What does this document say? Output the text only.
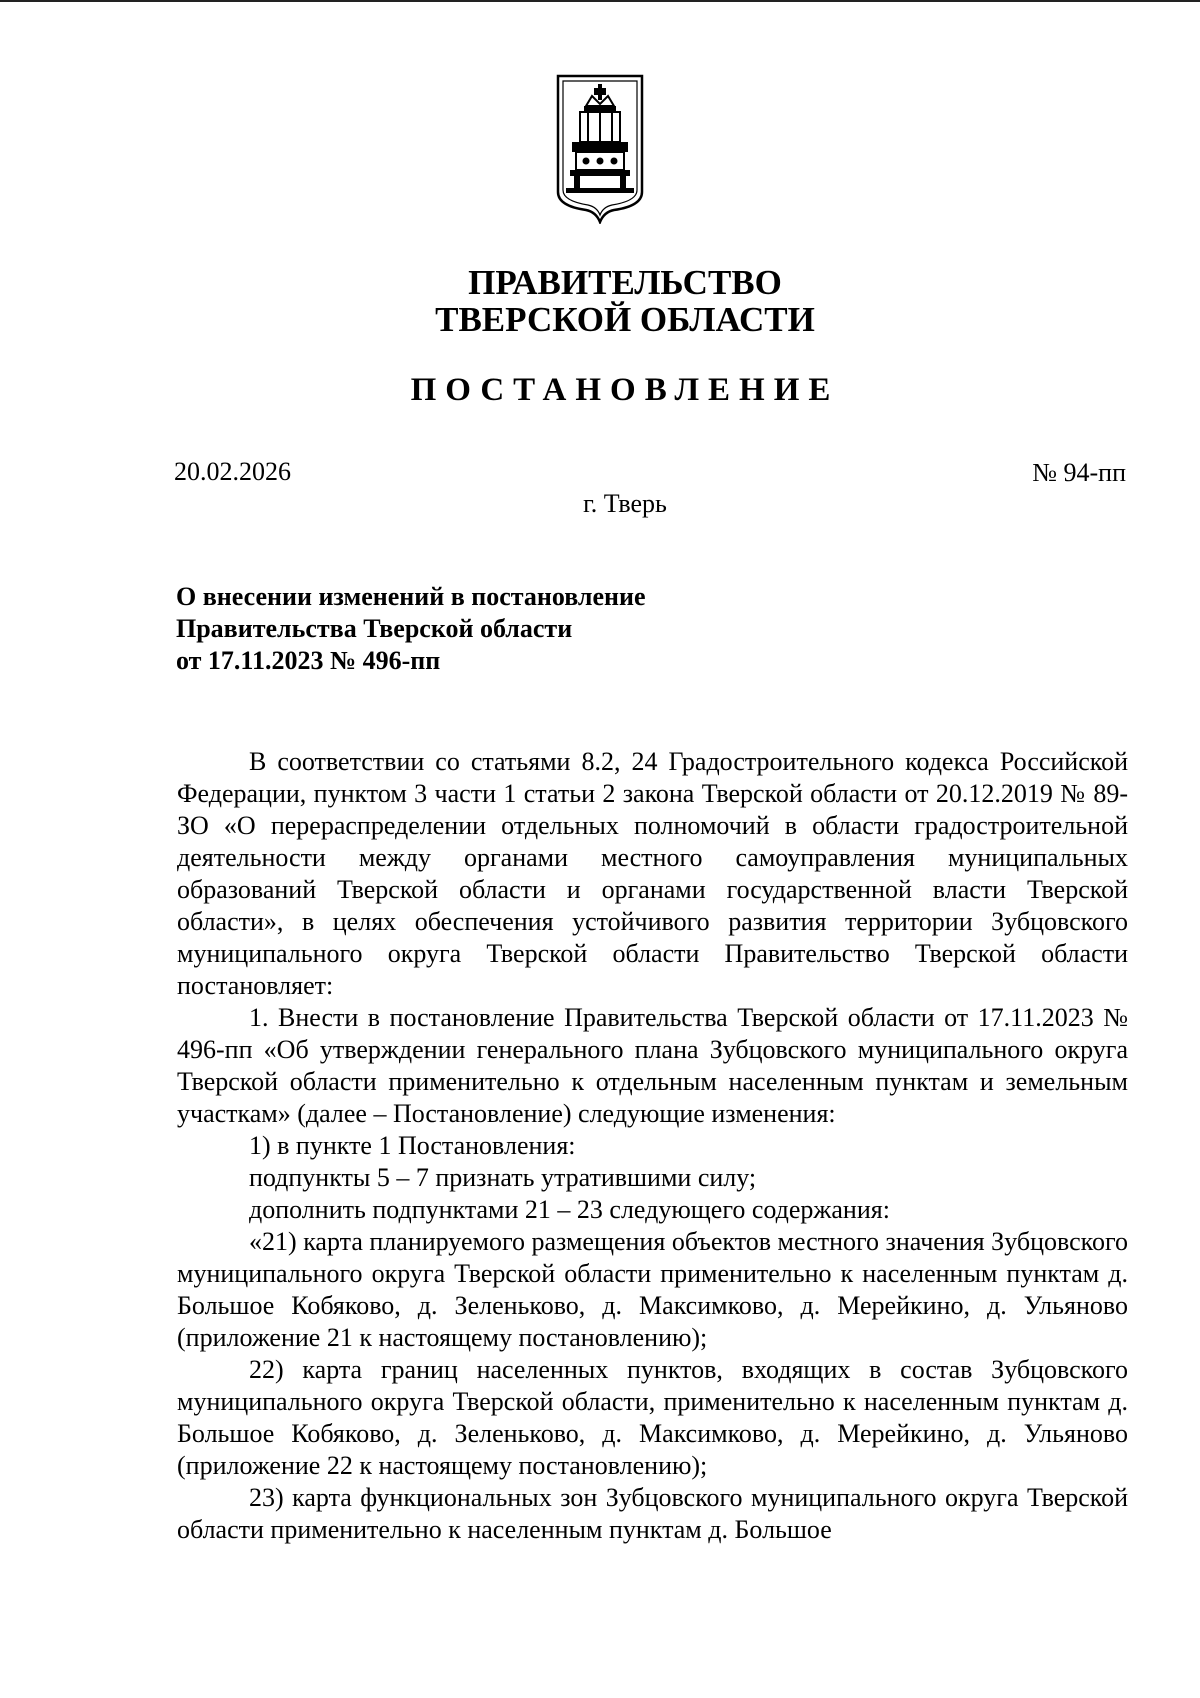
ПРАВИТЕЛЬСТВО
ТВЕРСКОЙ ОБЛАСТИ
ПОСТАНОВЛЕНИЕ
20.02.2026	№ 94-пп
г. Тверь
О внесении изменений в постановление
Правительства Тверской области
от 17.11.2023 № 496-пп

В соответствии со статьями 8.2, 24 Градостроительного кодекса Российской Федерации, пунктом 3 части 1 статьи 2 закона Тверской области от 20.12.2019 № 89-ЗО «О перераспределении отдельных полномочий в области градостроительной деятельности между органами местного самоуправления муниципальных образований Тверской области и органами государственной власти Тверской области», в целях обеспечения устойчивого развития территории Зубцовского муниципального округа Тверской области Правительство Тверской области постановляет:

1. Внести в постановление Правительства Тверской области от 17.11.2023 № 496-пп «Об утверждении генерального плана Зубцовского муниципального округа Тверской области применительно к отдельным населенным пунктам и земельным участкам» (далее – Постановление) следующие изменения:

1) в пункте 1 Постановления:

подпункты 5 – 7 признать утратившими силу;

дополнить подпунктами 21 – 23 следующего содержания:

«21) карта планируемого размещения объектов местного значения Зубцовского муниципального округа Тверской области применительно к населенным пунктам д. Большое Кобяково, д. Зеленьково, д. Максимково, д. Мерейкино, д. Ульяново (приложение 21 к настоящему постановлению);

22) карта границ населенных пунктов, входящих в состав Зубцовского муниципального округа Тверской области, применительно к населенным пунктам д. Большое Кобяково, д. Зеленьково, д. Максимково, д. Мерейкино, д. Ульяново (приложение 22 к настоящему постановлению);

23) карта функциональных зон Зубцовского муниципального округа Тверской области применительно к населенным пунктам д. Большое
